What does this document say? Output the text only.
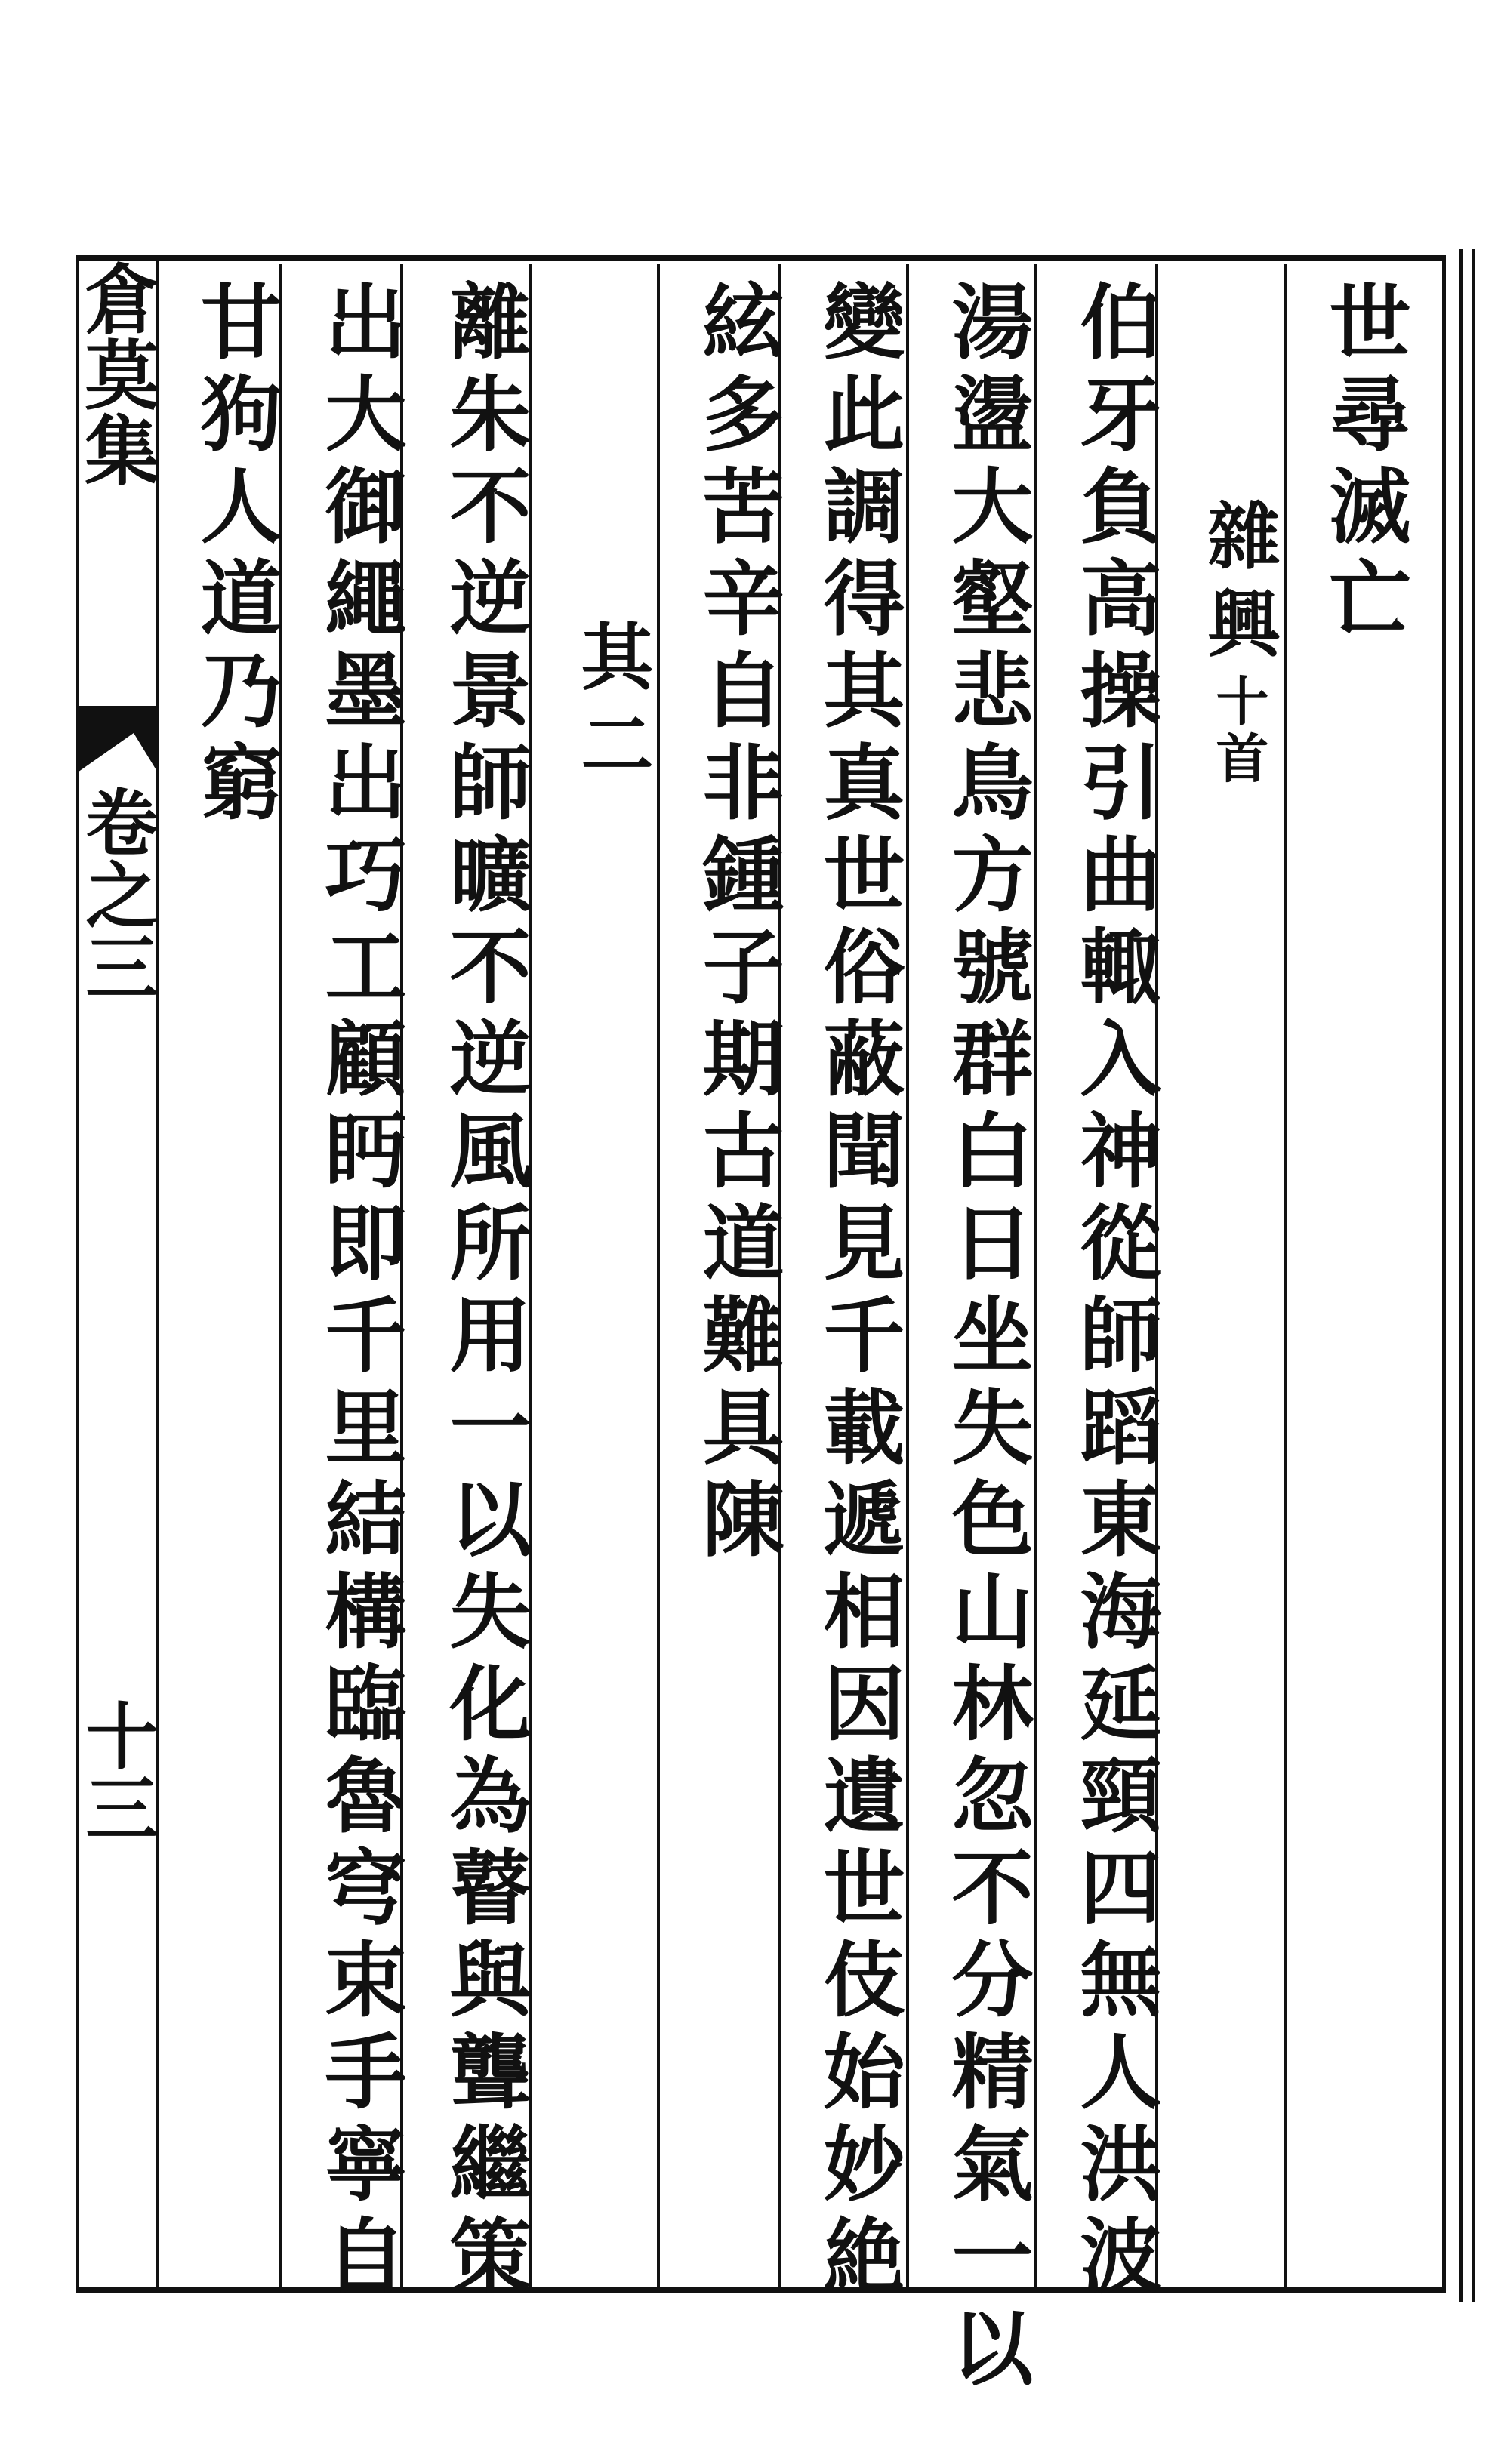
倉莫集
卷之三
十三
世尋滅亡
雜興十首
伯牙負高操引曲輙入神從師蹈東海延頸四無人洪波
湯盪大壑悲鳥方號群白日坐失色山林忽不分精氣一以
變此調得其真世俗蔽聞見千載遞相因遺世伎始妙絶
絃多苦辛自非鍾子期古道難具陳
其二
離朱不逆景師曠不逆風所用一以失化為瞽與聾繼策
出大御繩墨出巧工顧眄即千里結構臨魯穹束手寧自
甘狗人道乃窮
